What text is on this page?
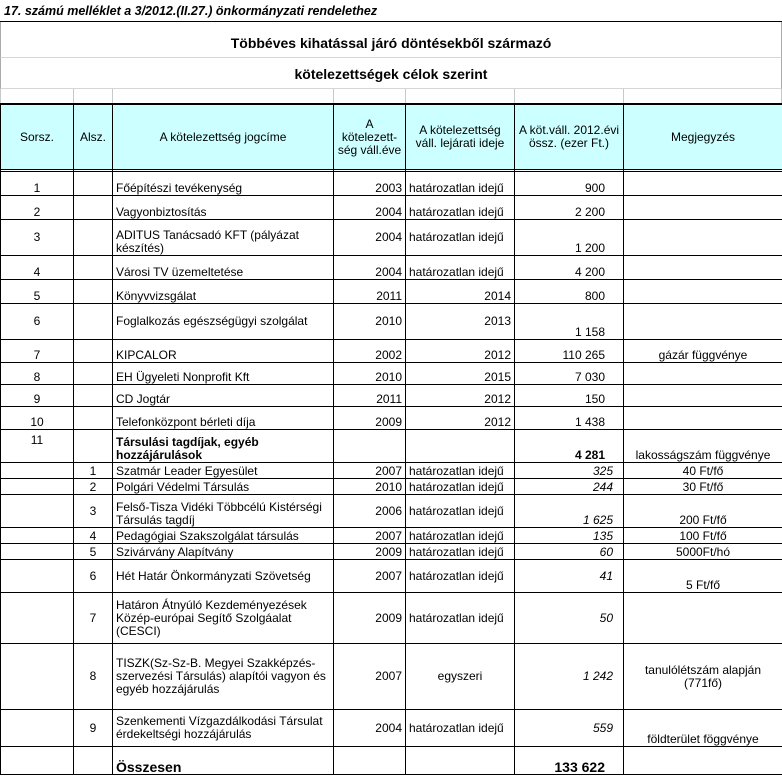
17. számú melléklet a 3/2012.(II.27.) önkormányzati rendelethez
Többéves kihatással járó döntésekből származó
kötelezettségek célok szerint
Sorsz.	Alsz.	A kötelezettség jogcíme	A kötelezett-ség váll.éve	A kötelezettség váll. lejárati ideje	A köt.váll. 2012.évi össz. (ezer Ft.)	Megjegyzés

1		Főépítészi tevékenység	2003	határozatlan idejű	900	
2		Vagyonbiztosítás	2004	határozatlan idejű	2 200	
3		ADITUS Tanácsadó KFT (pályázat készítés)	2004	határozatlan idejű	1 200	
4		Városi TV üzemeltetése	2004	határozatlan idejű	4 200	
5		Könyvvizsgálat	2011	2014	800	
6		Foglalkozás egészségügyi szolgálat	2010	2013	1 158	
7		KIPCALOR	2002	2012	110 265	gázár függvénye
8		EH Ügyeleti Nonprofit Kft	2010	2015	7 030	
9		CD Jogtár	2011	2012	150	
10		Telefonközpont bérleti díja	2009	2012	1 438	
11		Társulási tagdíjak, egyéb hozzájárulások			4 281	lakosságszám függvénye
	1	Szatmár Leader Egyesület	2007	határozatlan idejű	325	40 Ft/fő
	2	Polgári Védelmi Társulás	2010	határozatlan idejű	244	30 Ft/fő
	3	Felső-Tisza Vidéki Többcélú Kistérségi Társulás tagdíj	2006	határozatlan idejű	1 625	200 Ft/fő
	4	Pedagógiai Szakszolgálat társulás	2007	határozatlan idejű	135	100 Ft/fő
	5	Szivárvány Alapítvány	2009	határozatlan idejű	60	5000Ft/hó
	6	Hét Határ Önkormányzati Szövetség	2007	határozatlan idejű	41	5 Ft/fő
	7	Határon Átnyúló Kezdeményezések Közép-európai Segítő Szolgáalat (CESCI)	2009	határozatlan idejű	50	
	8	TISZK(Sz-Sz-B. Megyei Szakképzés-szervezési Társulás) alapítói vagyon és egyéb hozzájárulás	2007	egyszeri	1 242	tanulólétszám alapján (771fő)
	9	Szenkementi Vízgazdálkodási Társulat érdekeltségi hozzájárulás	2004	határozatlan idejű	559	földterület föggvénye
		Összesen			133 622	
